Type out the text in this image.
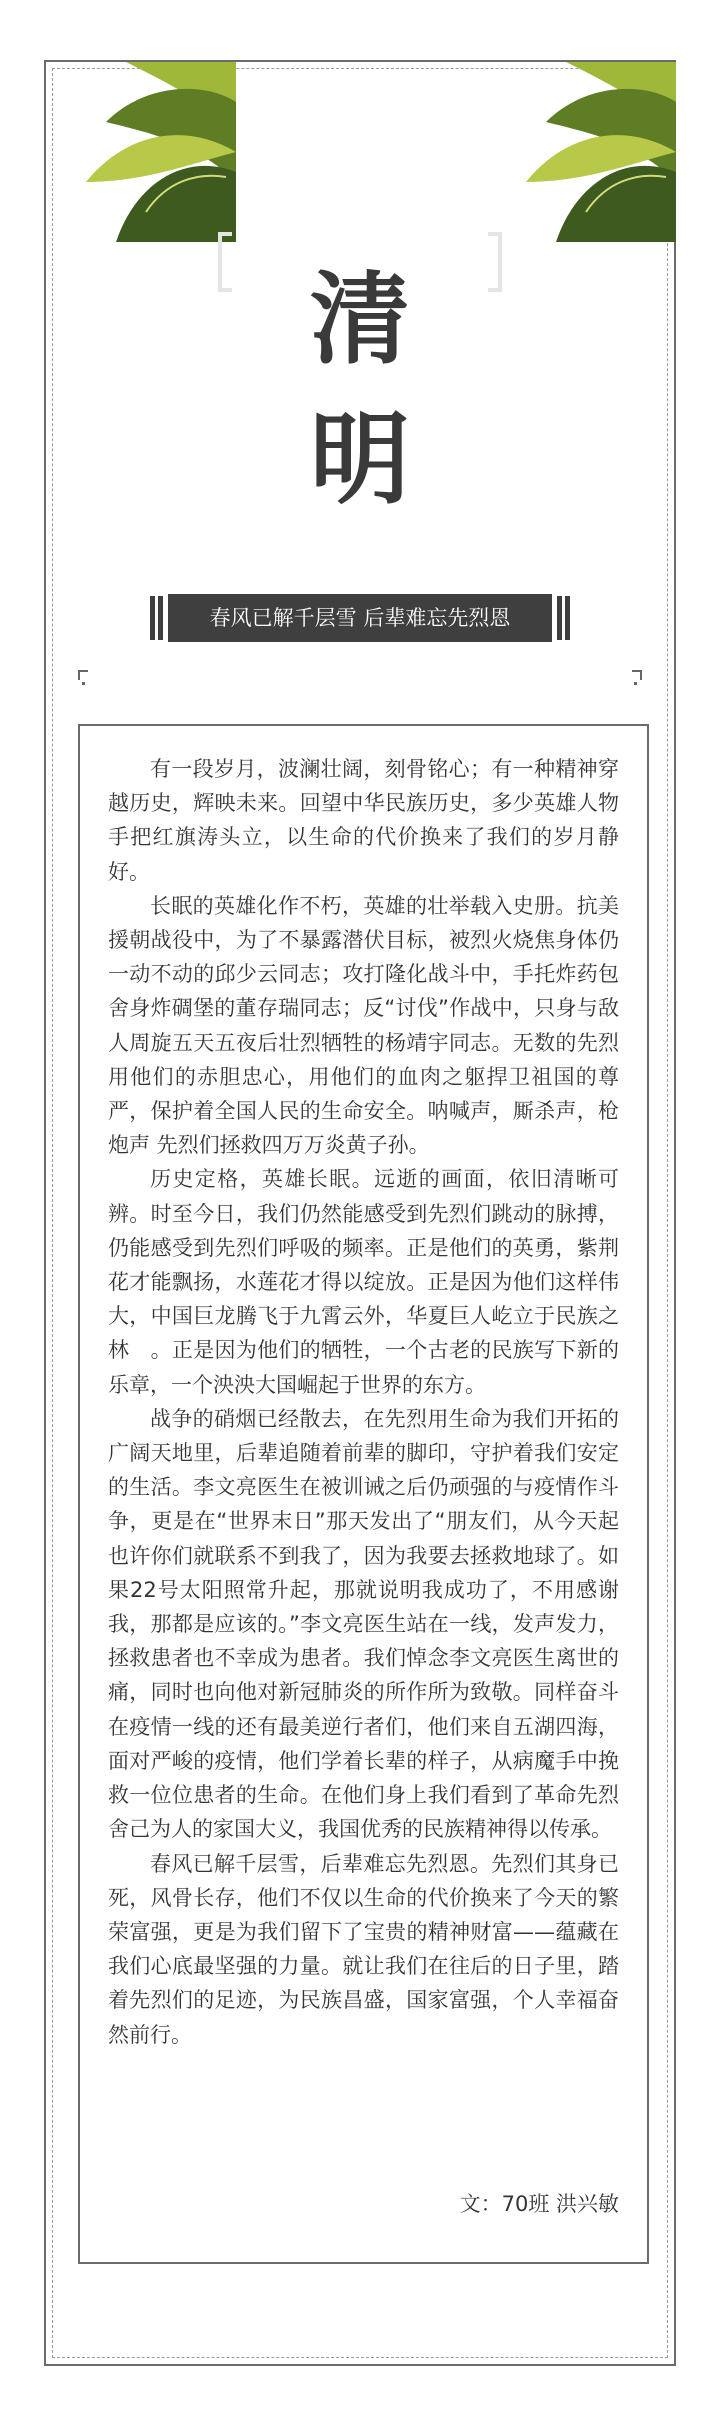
清
明
春风已解千层雪 后辈难忘先烈恩

有一段岁月，波澜壮阔，刻骨铭心；有一种精神穿越历史，辉映未来。回望中华民族历史，多少英雄人物手把红旗涛头立，以生命的代价换来了我们的岁月静好。

长眠的英雄化作不朽，英雄的壮举载入史册。抗美援朝战役中，为了不暴露潜伏目标，被烈火烧焦身体仍一动不动的邱少云同志；攻打隆化战斗中，手托炸药包舍身炸碉堡的董存瑞同志；反“讨伐”作战中，只身与敌人周旋五天五夜后壮烈牺牲的杨靖宇同志。无数的先烈用他们的赤胆忠心，用他们的血肉之躯捍卫祖国的尊严，保护着全国人民的生命安全。呐喊声，厮杀声，枪炮声 先烈们拯救四万万炎黄子孙。

历史定格，英雄长眠。远逝的画面，依旧清晰可辨。时至今日，我们仍然能感受到先烈们跳动的脉搏，仍能感受到先烈们呼吸的频率。正是他们的英勇，紫荆花才能飘扬，水莲花才得以绽放。正是因为他们这样伟大，中国巨龙腾飞于九霄云外，华夏巨人屹立于民族之林　。正是因为他们的牺牲，一个古老的民族写下新的乐章，一个泱泱大国崛起于世界的东方。

战争的硝烟已经散去，在先烈用生命为我们开拓的广阔天地里，后辈追随着前辈的脚印，守护着我们安定的生活。李文亮医生在被训诫之后仍顽强的与疫情作斗争，更是在“世界末日”那天发出了“朋友们，从今天起也许你们就联系不到我了，因为我要去拯救地球了。如果22号太阳照常升起，那就说明我成功了，不用感谢我，那都是应该的。”李文亮医生站在一线，发声发力，拯救患者也不幸成为患者。我们悼念李文亮医生离世的痛，同时也向他对新冠肺炎的所作所为致敬。同样奋斗在疫情一线的还有最美逆行者们，他们来自五湖四海，面对严峻的疫情，他们学着长辈的样子，从病魔手中挽救一位位患者的生命。在他们身上我们看到了革命先烈舍己为人的家国大义，我国优秀的民族精神得以传承。

春风已解千层雪，后辈难忘先烈恩。先烈们其身已死，风骨长存，他们不仅以生命的代价换来了今天的繁荣富强，更是为我们留下了宝贵的精神财富——蕴藏在我们心底最坚强的力量。就让我们在往后的日子里，踏着先烈们的足迹，为民族昌盛，国家富强，个人幸福奋然前行。

文：70班 洪兴敏
